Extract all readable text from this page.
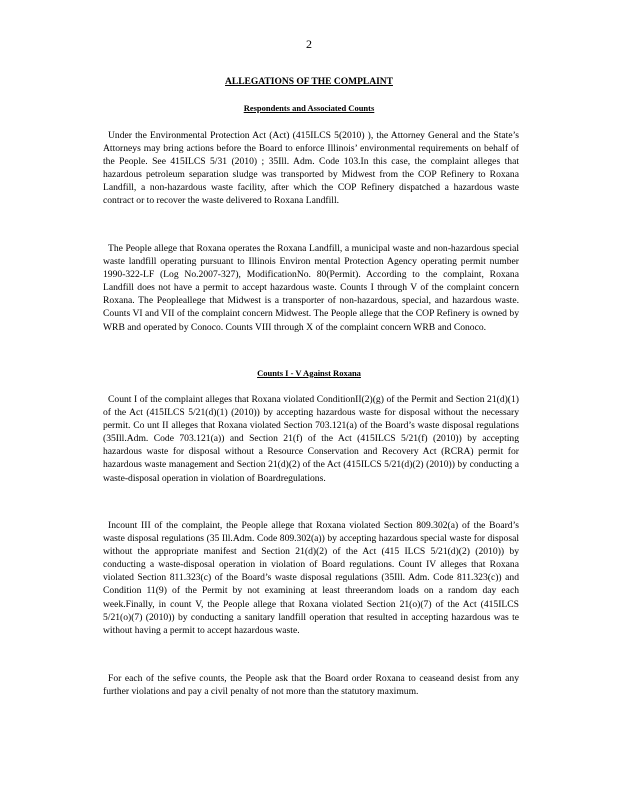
2
ALLEGATIONS OF THE COMPLAINT
Respondents and Associated Counts

Under the Environmental Protection Act (Act) (415ILCS 5(2010) ), the Attorney General and the State’s Attorneys may bring actions before the Board to enforce Illinois’ environmental requirements on behalf of the People. See 415ILCS 5/31 (2010) ; 35Ill. Adm. Code 103.In this case, the complaint alleges that hazardous petroleum separation sludge was transported by Midwest from the COP Refinery to Roxana Landfill, a non-hazardous waste facility, after which the COP Refinery dispatched a hazardous waste contract or to recover the waste delivered to Roxana Landfill.

The People allege that Roxana operates the Roxana Landfill, a municipal waste and non-hazardous special waste landfill operating pursuant to Illinois Environ mental Protection Agency operating permit number 1990-322-LF (Log No.2007-327), ModificationNo. 80(Permit). According to the complaint, Roxana Landfill does not have a permit to accept hazardous waste. Counts I through V of the complaint concern Roxana. The Peopleallege that Midwest is a transporter of non-hazardous, special, and hazardous waste. Counts VI and VII of the complaint concern Midwest. The People allege that the COP Refinery is owned by WRB and operated by Conoco. Counts VIII through X of the complaint concern WRB and Conoco.

Counts I - V Against Roxana

Count I of the complaint alleges that Roxana violated ConditionII(2)(g) of the Permit and Section 21(d)(1) of the Act (415ILCS 5/21(d)(1) (2010)) by accepting hazardous waste for disposal without the necessary permit. Co unt II alleges that Roxana violated Section 703.121(a) of the Board’s waste disposal regulations (35Ill.Adm. Code 703.121(a)) and Section 21(f) of the Act (415ILCS 5/21(f) (2010)) by accepting hazardous waste for disposal without a Resource Conservation and Recovery Act (RCRA) permit for hazardous waste management and Section 21(d)(2) of the Act (415ILCS 5/21(d)(2) (2010)) by conducting a waste-disposal operation in violation of Boardregulations.

Incount III of the complaint, the People allege that Roxana violated Section 809.302(a) of the Board’s waste disposal regulations (35 Ill.Adm. Code 809.302(a)) by accepting hazardous special waste for disposal without the appropriate manifest and Section 21(d)(2) of the Act (415 ILCS 5/21(d)(2) (2010)) by conducting a waste-disposal operation in violation of Board regulations. Count IV alleges that Roxana violated Section 811.323(c) of the Board’s waste disposal regulations (35Ill. Adm. Code 811.323(c)) and Condition 11(9) of the Permit by not examining at least threerandom loads on a random day each week.Finally, in count V, the People allege that Roxana violated Section 21(o)(7) of the Act (415ILCS 5/21(o)(7) (2010)) by conducting a sanitary landfill operation that resulted in accepting hazardous was te without having a permit to accept hazardous waste.

For each of the sefive counts, the People ask that the Board order Roxana to ceaseand desist from any further violations and pay a civil penalty of not more than the statutory maximum.
